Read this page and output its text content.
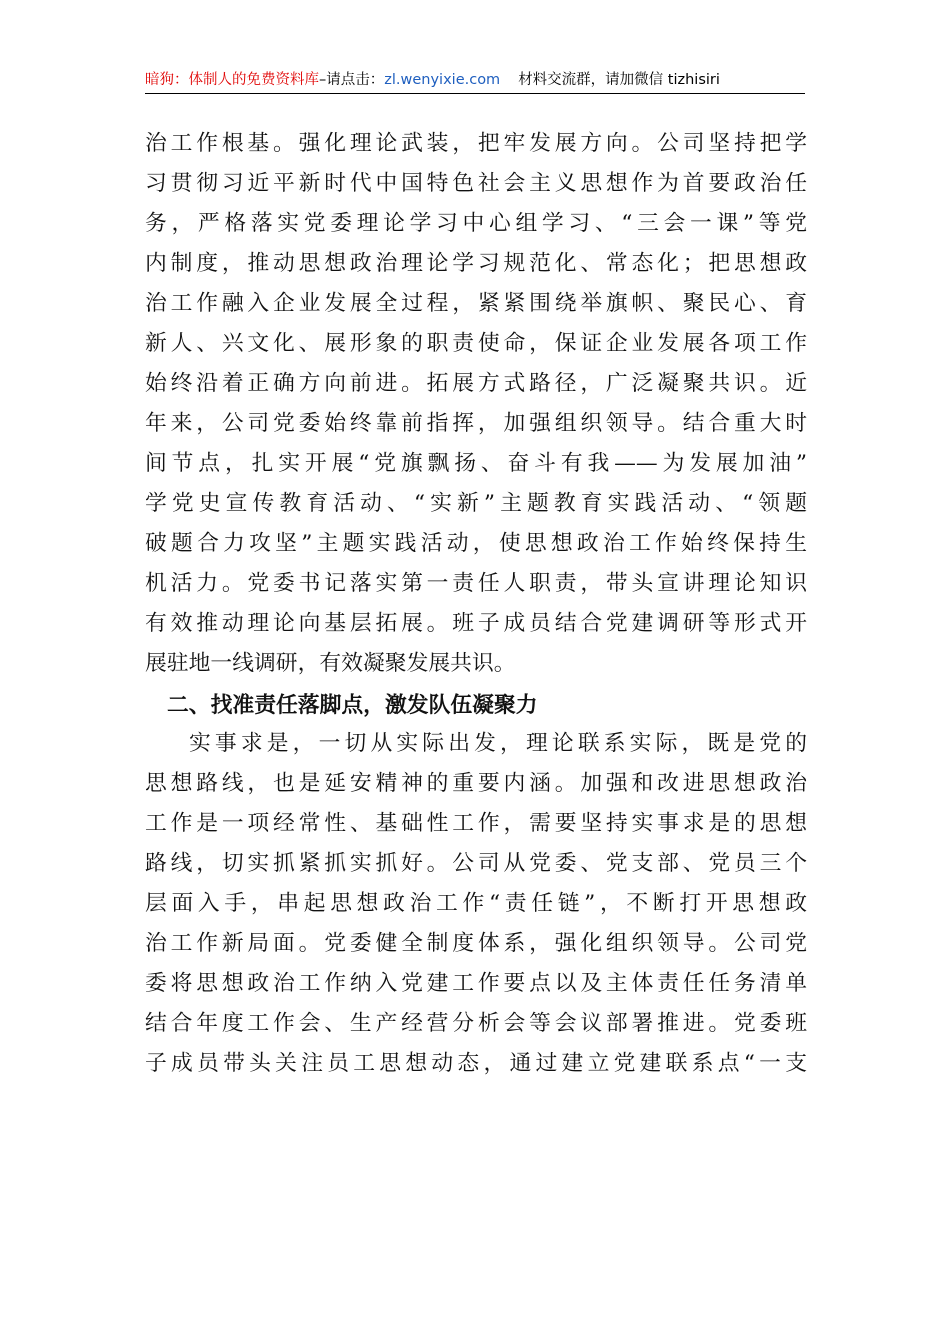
暗狗：体制人的免费资料库–请点击：zl.wenyixie.com 材料交流群，请加微信 tizhisiri
治工作根基。强化理论武装，把牢发展方向。公司坚持把学
习贯彻习近平新时代中国特色社会主义思想作为首要政治任
务，严格落实党委理论学习中心组学习、“三会一课”等党
内制度，推动思想政治理论学习规范化、常态化；把思想政
治工作融入企业发展全过程，紧紧围绕举旗帜、聚民心、育
新人、兴文化、展形象的职责使命，保证企业发展各项工作
始终沿着正确方向前进。拓展方式路径，广泛凝聚共识。近
年来，公司党委始终靠前指挥，加强组织领导。结合重大时
间节点，扎实开展“党旗飘扬、奋斗有我——为发展加油”
学党史宣传教育活动、“实新”主题教育实践活动、“领题
破题合力攻坚”主题实践活动，使思想政治工作始终保持生
机活力。党委书记落实第一责任人职责，带头宣讲理论知识
有效推动理论向基层拓展。班子成员结合党建调研等形式开
展驻地一线调研，有效凝聚发展共识。
二、找准责任落脚点，激发队伍凝聚力
实事求是，一切从实际出发，理论联系实际，既是党的
思想路线，也是延安精神的重要内涵。加强和改进思想政治
工作是一项经常性、基础性工作，需要坚持实事求是的思想
路线，切实抓紧抓实抓好。公司从党委、党支部、党员三个
层面入手，串起思想政治工作“责任链”，不断打开思想政
治工作新局面。党委健全制度体系，强化组织领导。公司党
委将思想政治工作纳入党建工作要点以及主体责任任务清单
结合年度工作会、生产经营分析会等会议部署推进。党委班
子成员带头关注员工思想动态，通过建立党建联系点“一支
